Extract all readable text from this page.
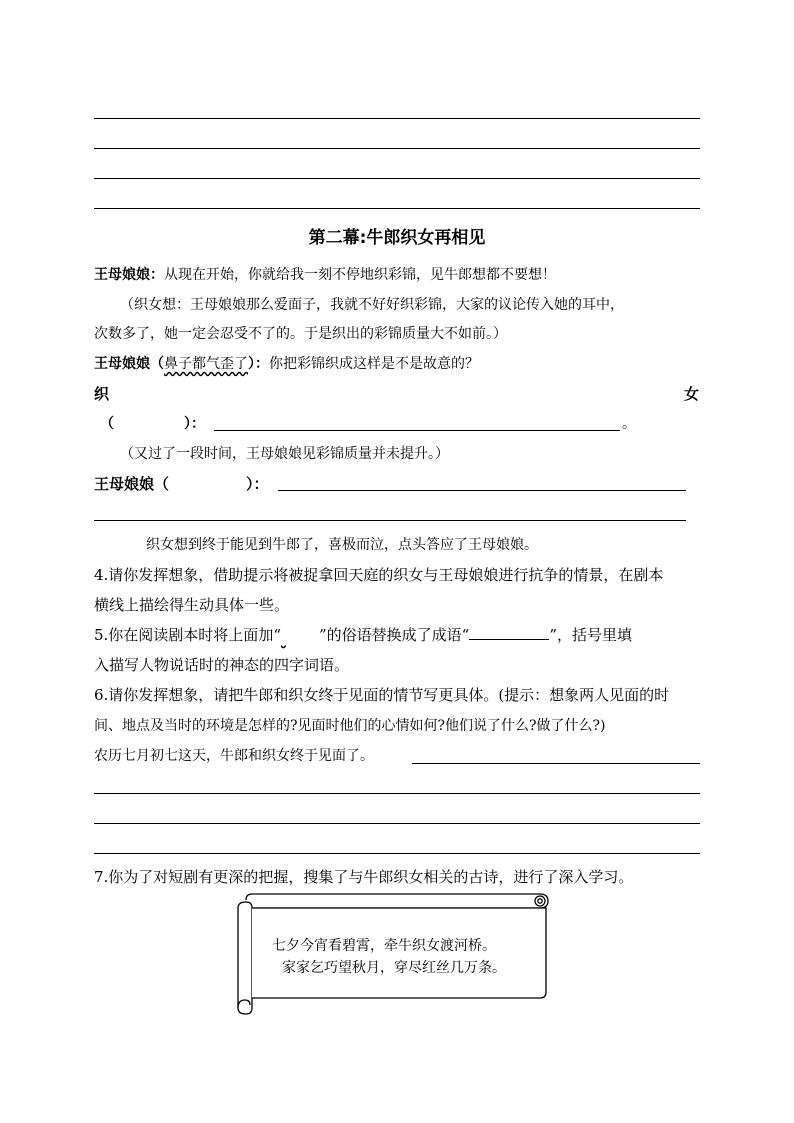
第二幕:牛郎织女再相见
王母娘娘：从现在开始，你就给我一刻不停地织彩锦，见牛郎想都不要想！
（织女想：王母娘娘那么爱面子，我就不好好织彩锦，大家的议论传入她的耳中，
次数多了，她一定会忍受不了的。于是织出的彩锦质量大不如前。）
王母娘娘（鼻子都气歪了）：你把彩锦织成这样是不是故意的？
织	女
（	）：	。
（又过了一段时间，王母娘娘见彩锦质量并未提升。）
王母娘娘（	）：
织女想到终于能见到牛郎了，喜极而泣，点头答应了王母娘娘。
4.请你发挥想象，借助提示将被捉拿回天庭的织女与王母娘娘进行抗争的情景，在剧本
横线上描绘得生动具体一些。
5.你在阅读剧本时将上面加“	”的俗语替换成了成语“	”，括号里填
入描写人物说话时的神态的四字词语。
6.请你发挥想象，请把牛郎和织女终于见面的情节写更具体。(提示：想象两人见面的时
间、地点及当时的环境是怎样的?见面时他们的心情如何?他们说了什么?做了什么?)
农历七月初七这天，牛郎和织女终于见面了。
7.你为了对短剧有更深的把握，搜集了与牛郎织女相关的古诗，进行了深入学习。
七夕今宵看碧霄，牵牛织女渡河桥。
家家乞巧望秋月，穿尽红丝几万条。
